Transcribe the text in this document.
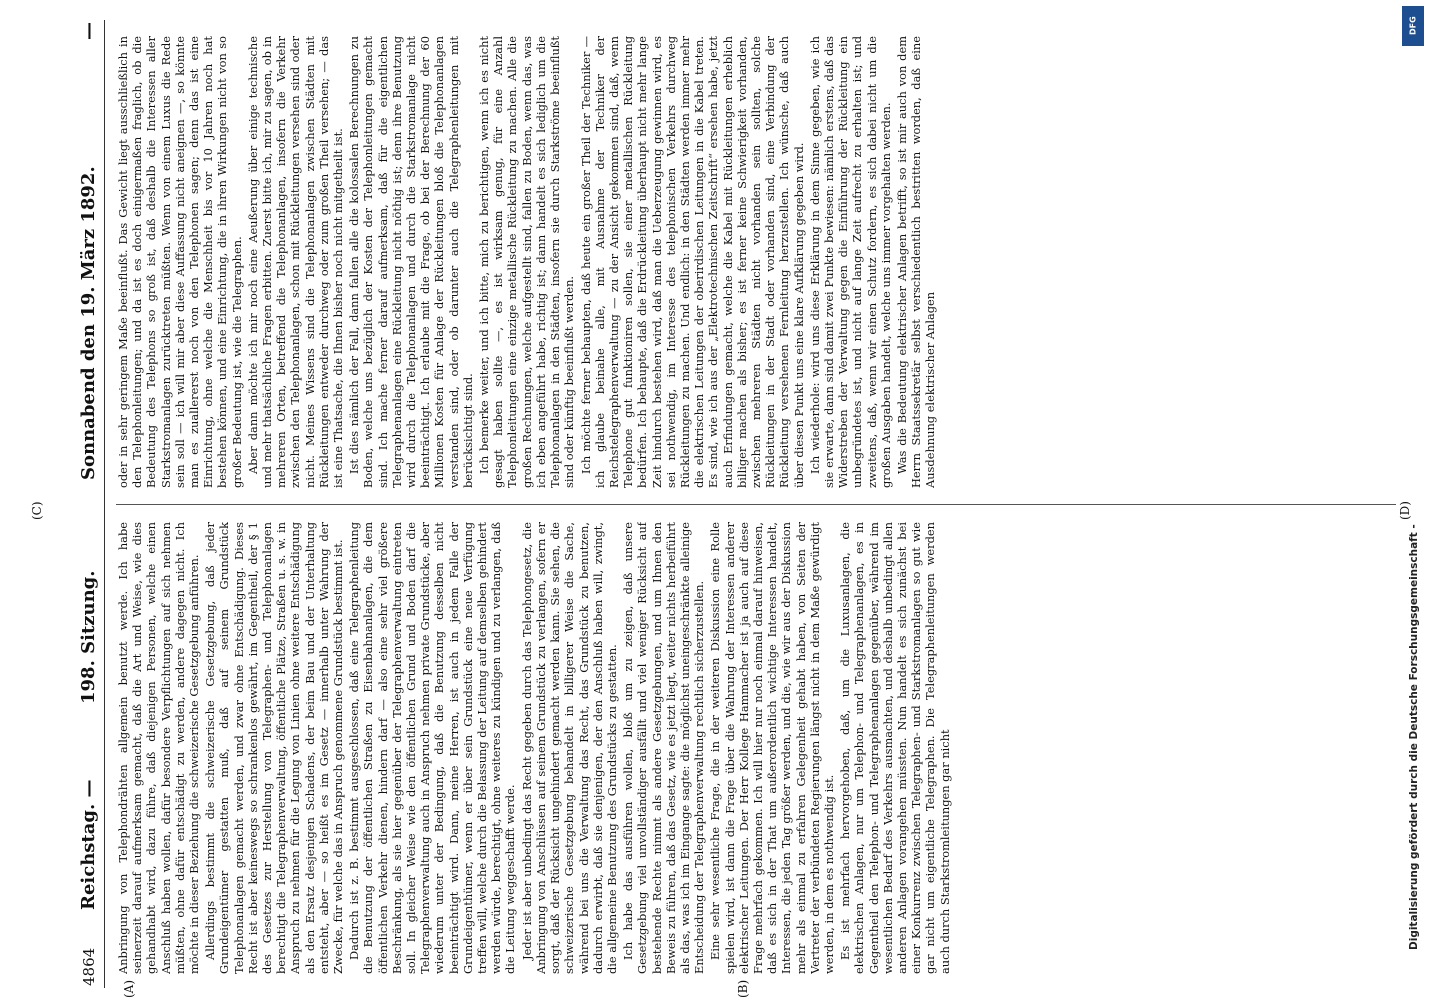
4864
Reichstag. —
198. Sitzung.
Sonnabend den 19. März 1892.
—
(A)	(B)
(C)	(D)

Anbringung von Telephondrähten allgemein benutzt werde. Ich habe seinerzeit darauf aufmerksam gemacht, daß die Art und Weise, wie dies gehandhabt wird, dazu führe, daß diejenigen Personen, welche einen Anschluß haben wollen, dafür besondere Verpflichtungen auf sich nehmen müßten, ohne dafür entschädigt zu werden, andere dagegen nicht. Ich möchte in dieser Beziehung die schweizerische Gesetzgebung anführen. Allerdings bestimmt die schweizerische Gesetzgebung, daß jeder Grundeigentümer gestatten muß, daß auf seinem Grundstück Telephonanlagen gemacht werden, und zwar ohne Entschädigung. Dieses Recht ist aber keineswegs so schrankenlos gewährt, im Gegentheil, der § 1 des Gesetzes zur Herstellung von Telegraphen- und Telephonanlagen berechtigt die Telegraphenverwaltung, öffentliche Plätze, Straßen u. s. w. in Anspruch zu nehmen für die Legung von Linien ohne weitere Entschädigung als den Ersatz desjenigen Schadens, der beim Bau und der Unterhaltung entsteht, aber — so heißt es im Gesetz — innerhalb unter Wahrung der Zwecke, für welche das in Anspruch genommene Grundstück bestimmt ist. Dadurch ist z. B. bestimmt ausgeschlossen, daß eine Telegraphenleitung die Benutzung der öffentlichen Straßen zu Eisenbahnanlagen, die dem öffentlichen Verkehr dienen, hindern darf — also eine sehr viel größere Beschränkung, als sie hier gegenüber der Telegraphenverwaltung eintreten soll. In gleicher Weise wie den öffentlichen Grund und Boden darf die Telegraphenverwaltung auch in Anspruch nehmen private Grundstücke, aber wiederum unter der Bedingung, daß die Benutzung desselben nicht beeinträchtigt wird. Dann, meine Herren, ist auch in jedem Falle der Grundeigenthümer, wenn er über sein Grundstück eine neue Verfügung treffen will, welche durch die Belassung der Leitung auf demselben gehindert werden würde, berechtigt, ohne weiteres zu kündigen und zu verlangen, daß die Leitung weggeschafft werde. Jeder ist aber unbedingt das Recht gegeben durch das Telephongesetz, die Anbringung von Anschlüssen auf seinem Grundstück zu verlangen, sofern er sorgt, daß der Rücksicht ungehindert gemacht werden kann. Sie sehen, die schweizerische Gesetzgebung behandelt in billigerer Weise die Sache, während bei uns die Verwaltung das Recht, das Grundstück zu benutzen, dadurch erwirbt, daß sie denjenigen, der den Anschluß haben will, zwingt, die allgemeine Benutzung des Grundstücks zu gestatten. Ich habe das ausführen wollen, bloß um zu zeigen, daß unsere Gesetzgebung viel unvollständiger ausfällt und viel weniger Rücksicht auf bestehende Rechte nimmt als andere Gesetzgebungen, und um Ihnen den Beweis zu führen, daß das Gesetz, wie es jetzt liegt, weiter nichts herbeiführt als das, was ich im Eingange sagte: die möglichst uneingeschränkte alleinige Entscheidung der Telegraphenverwaltung rechtlich sicherzustellen. Eine sehr wesentliche Frage, die in der weiteren Diskussion eine Rolle spielen wird, ist dann die Frage über die Wahrung der Interessen anderer elektrischer Leitungen. Der Herr Kollege Hammacher ist ja auch auf diese Frage mehrfach gekommen. Ich will hier nur noch einmal darauf hinweisen, daß es sich in der That um außerordentlich wichtige Interessen handelt, Interessen, die jeden Tag größer werden, und die, wie wir aus der Diskussion mehr als einmal zu erfahren Gelegenheit gehabt haben, von Seiten der Vertreter der verbündeten Regierungen längst nicht in dem Maße gewürdigt werden, in dem es nothwendig ist. Es ist mehrfach hervorgehoben, daß, um die Luxusanlagen, die elektrischen Anlagen, nur um Telephon- und Telegraphenanlagen, es in Gegentheil den Telephon- und Telegraphenanlagen gegenüber, während im wesentlichen Bedarf des Verkehrs ausmachten, und deshalb unbedingt allen anderen Anlagen vorangehen müssten. Nun handelt es sich zunächst bei einer Konkurrenz zwischen Telegraphen- und Starkstromanlagen so gut wie gar nicht um eigentliche Telegraphen. Die Telegraphenleitungen werden auch durch Starkstromleitungen gar nicht

oder in sehr geringem Maße beeinflußt. Das Gewicht liegt ausschließlich in den Telephonleitungen; und da ist es doch einigermaßen fraglich, ob die Bedeutung des Telephons so groß ist, daß deshalb die Interessen aller Starkstromanlagen zurücktreten müßten. Wenn von einem Luxus die Rede sein soll — ich will mir aber diese Auffassung nicht aneignen —, so könnte man es zuallererst noch von den Telephonen sagen; denn das ist eine Einrichtung, ohne welche die Menschheit bis vor 10 Jahren noch hat bestehen können, und eine Einrichtung, die in ihren Wirkungen nicht von so großer Bedeutung ist, wie die Telegraphen. Aber dann möchte ich mir noch eine Aeußerung über einige technische und mehr thatsächliche Fragen erbitten. Zuerst bitte ich, mir zu sagen, ob in mehreren Orten, betreffend die Telephonanlagen, insofern die Verkehr zwischen den Telephonanlagen, schon mit Rückleitungen versehen sind oder nicht. Meines Wissens sind die Telephonanlagen zwischen Städten mit Rückleitungen entweder durchweg oder zum großen Theil versehen; — das ist eine Thatsache, die Ihnen bisher noch nicht mitgetheilt ist. Ist dies nämlich der Fall, dann fallen alle die kolossalen Berechnungen zu Boden, welche uns bezüglich der Kosten der Telephonleitungen gemacht sind. Ich mache ferner darauf aufmerksam, daß für die eigentlichen Telegraphenanlagen eine Rückleitung nicht nöthig ist; denn ihre Benutzung wird durch die Telephonanlagen und durch die Starkstromanlage nicht beeinträchtigt. Ich erlaube mit die Frage, ob bei der Berechnung der 60 Millionen Kosten für Anlage der Rückleitungen bloß die Telephonanlagen verstanden sind, oder ob darunter auch die Telegraphenleitungen mit berücksichtigt sind. Ich bemerke weiter, und ich bitte, mich zu berichtigen, wenn ich es nicht gesagt haben sollte —, es ist wirksam genug, für eine Anzahl Telephonleitungen eine einzige metallische Rückleitung zu machen. Alle die großen Rechnungen, welche aufgestellt sind, fallen zu Boden, wenn das, was ich eben angeführt habe, richtig ist; dann handelt es sich lediglich um die Telephonanlagen in den Städten, insofern sie durch Starkströme beeinflußt sind oder künftig beeinflußt werden. Ich möchte ferner behaupten, daß heute ein großer Theil der Techniker — ich glaube beinahe alle, mit Ausnahme der Techniker der Reichstelegraphenverwaltung — zu der Ansicht gekommen sind, daß, wenn Telephone gut funktioniren sollen, sie einer metallischen Rückleitung bedürfen. Ich behaupte, daß die Erdrückleitung überhaupt nicht mehr lange Zeit hindurch bestehen wird, daß man die Ueberzeugung gewinnen wird, es sei nothwendig, im Interesse des telephonischen Verkehrs durchweg Rückleitungen zu machen. Und endlich: in den Städten werden immer mehr die elektrischen Leitungen der oberirdischen Leitungen in die Kabel treten. Es sind, wie ich aus der „Elektrotechnischen Zeitschrift“ ersehen habe, jetzt auch Erfindungen gemacht, welche die Kabel mit Rückleitungen erheblich billiger machen als bisher; es ist ferner keine Schwierigkeit vorhanden, zwischen mehreren Städten nicht vorhanden sein sollten, solche Rückleitungen in der Stadt oder vorhanden sind, eine Verbindung der Rückleitung versehenen Fernleitung herzustellen. Ich wünsche, daß auch über diesen Punkt uns eine klare Aufklärung gegeben wird. Ich wiederhole: wird uns diese Erklärung in dem Sinne gegeben, wie ich sie erwarte, dann sind damit zwei Punkte bewiesen: nämlich erstens, daß das Widerstreben der Verwaltung gegen die Einführung der Rückleitung ein unbegründetes ist, und nicht auf lange Zeit aufrecht zu erhalten ist; und zweitens, daß, wenn wir einen Schutz fordern, es sich dabei nicht um die großen Ausgaben handelt, welche uns immer vorgehalten werden. Was die Bedeutung elektrischer Anlagen betrifft, so ist mir auch von dem Herrn Staatssekretär selbst verschiedentlich bestritten worden, daß eine Ausdehnung elektrischer Anlagen

DFG
Digitalisierung gefördert durch die Deutsche Forschungsgemeinschaft -
